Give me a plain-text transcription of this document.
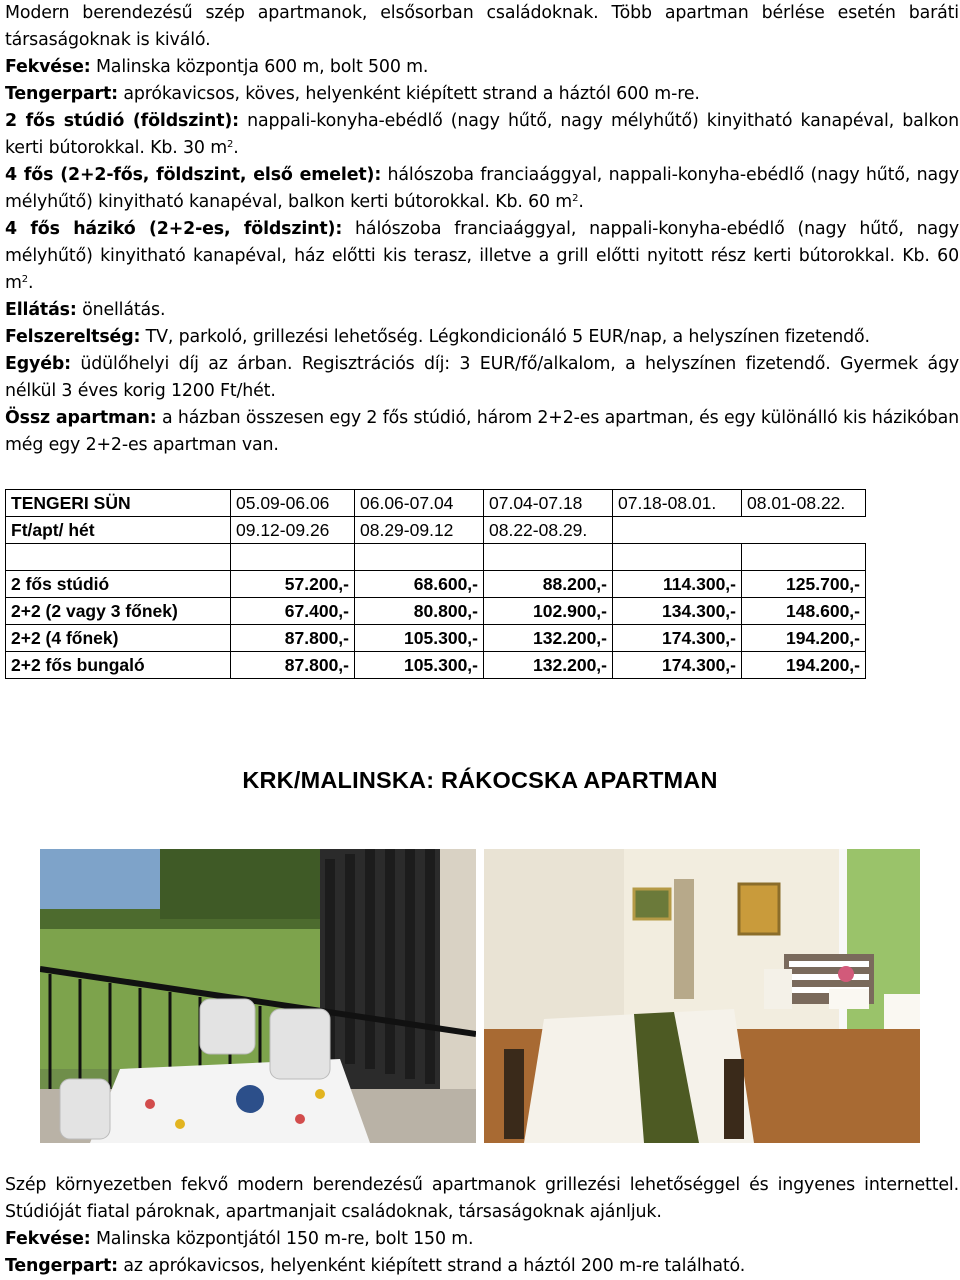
Modern berendezésű szép apartmanok, elsősorban családoknak. Több apartman bérlése esetén baráti társaságoknak is kiváló.

Fekvése: Malinska központja 600 m, bolt 500 m.

Tengerpart: aprókavicsos, köves, helyenként kiépített strand a háztól 600 m-re.

2 fős stúdió (földszint): nappali-konyha-ebédlő (nagy hűtő, nagy mélyhűtő) kinyitható kanapéval, balkon kerti bútorokkal. Kb. 30 $m^2$.

4 fős (2+2-fős, földszint, első emelet): hálószoba franciaággyal, nappali-konyha-ebédlő (nagy hűtő, nagy mélyhűtő) kinyitható kanapéval, balkon kerti bútorokkal. Kb. 60 $m^2$.

4 fős házikó (2+2-es, földszint): hálószoba franciaággyal, nappali-konyha-ebédlő (nagy hűtő, nagy mélyhűtő) kinyitható kanapéval, ház előtti kis terasz, illetve a grill előtti nyitott rész kerti bútorokkal. Kb. 60 $m^2$.

Ellátás: önellátás.

Felszereltség: TV, parkoló, grillezési lehetőség. Légkondicionáló 5 EUR/nap, a helyszínen fizetendő.

Egyéb: üdülőhelyi díj az árban. Regisztrációs díj: 3 EUR/fő/alkalom, a helyszínen fizetendő. Gyermek ágy nélkül 3 éves korig 1200 Ft/hét.

Össz apartman: a házban összesen egy 2 fős stúdió, három 2+2-es apartman, és egy különálló kis házikóban még egy 2+2-es apartman van.

TENGERI SÜN	05.09-06.06	06.06-07.04	07.04-07.18	07.18-08.01.	08.01-08.22.
Ft/apt/ hét	09.12-09.26	08.29-09.12	08.22-08.29.		

2 fős stúdió	57.200,-	68.600,-	88.200,-	114.300,-	125.700,-
2+2 (2 vagy 3 főnek)	67.400,-	80.800,-	102.900,-	134.300,-	148.600,-
2+2 (4 főnek)	87.800,-	105.300,-	132.200,-	174.300,-	194.200,-
2+2 fős bungaló	87.800,-	105.300,-	132.200,-	174.300,-	194.200,-
KRK/MALINSKA: RÁKOCSKA APARTMAN

Szép környezetben fekvő modern berendezésű apartmanok grillezési lehetőséggel és ingyenes internettel. Stúdióját fiatal pároknak, apartmanjait családoknak, társaságoknak ajánljuk.

Fekvése: Malinska központjától 150 m-re, bolt 150 m.

Tengerpart: az aprókavicsos, helyenként kiépített strand a háztól 200 m-re található.
